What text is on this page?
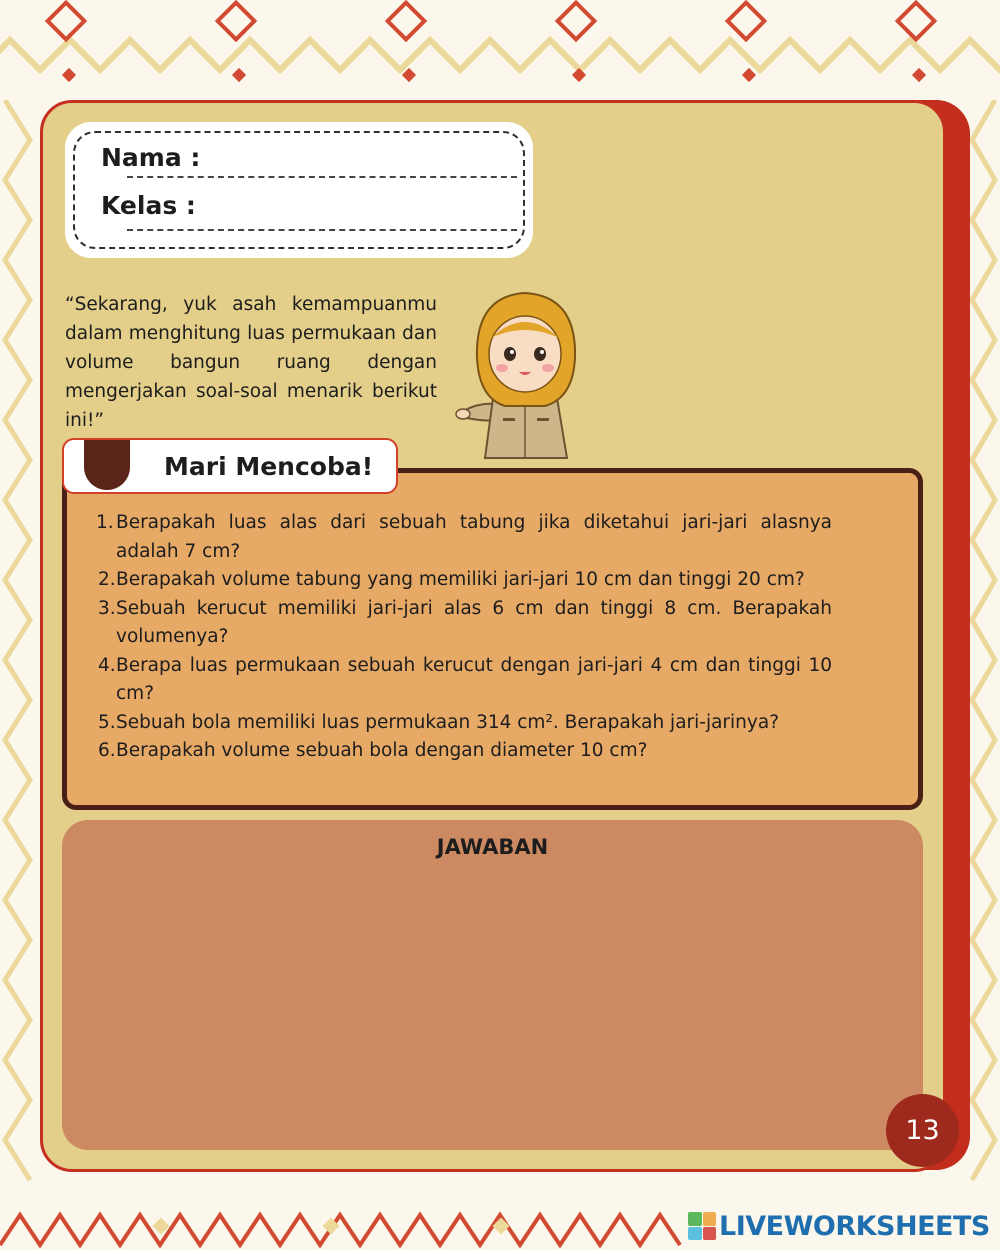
Nama :
Kelas :
“Sekarang, yuk asah kemampuanmu dalam menghitung luas permukaan dan volume bangun ruang dengan mengerjakan soal-soal menarik berikut ini!”
Mari Mencoba!
1. Berapakah luas alas dari sebuah tabung jika diketahui jari-jari alasnya adalah 7 cm?
2. Berapakah volume tabung yang memiliki jari-jari 10 cm dan tinggi 20 cm?
3. Sebuah kerucut memiliki jari-jari alas 6 cm dan tinggi 8 cm. Berapakah volumenya?
4. Berapa luas permukaan sebuah kerucut dengan jari-jari 4 cm dan tinggi 10 cm?
5. Sebuah bola memiliki luas permukaan 314 cm². Berapakah jari-jarinya?
6. Berapakah volume sebuah bola dengan diameter 10 cm?
JAWABAN
13
LIVEWORKSHEETS
